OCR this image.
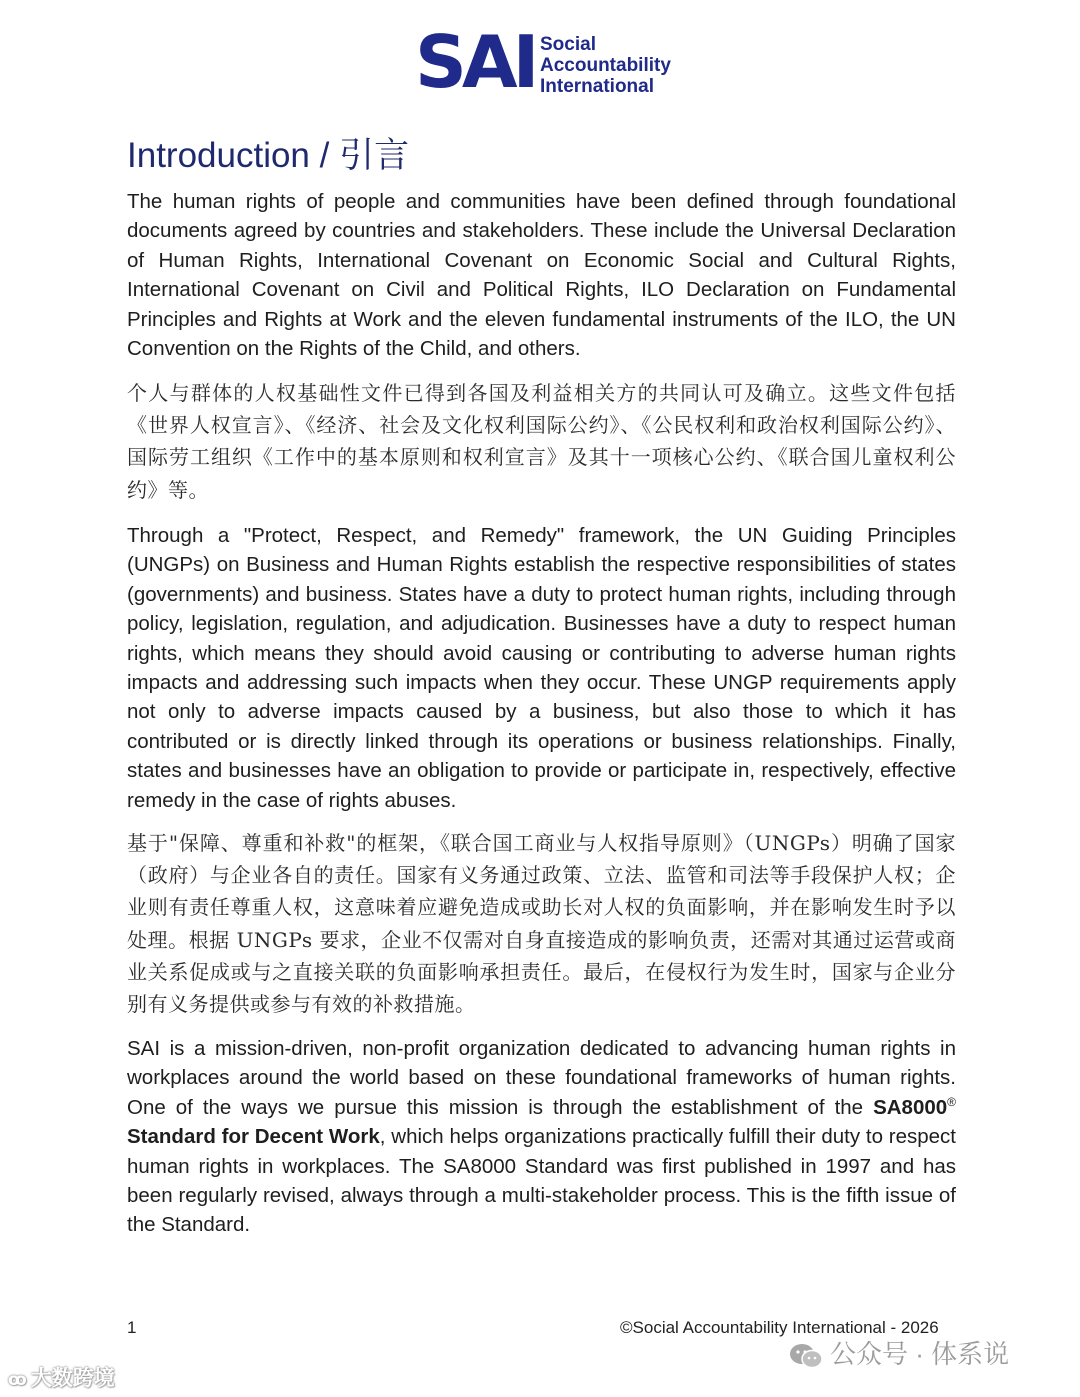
SAI Social
Accountability
International
Introduction / 引言

The human rights of people and communities have been defined through foundational documents agreed by countries and stakeholders. These include the Universal Declaration of Human Rights, International Covenant on Economic Social and Cultural Rights, International Covenant on Civil and Political Rights, ILO Declaration on Fundamental Principles and Rights at Work and the eleven fundamental instruments of the ILO, the UN Convention on the Rights of the Child, and others.

个人与群体的人权基础性文件已得到各国及利益相关方的共同认可及确立。这些文件包括《世界人权宣言》、《经济、社会及文化权利国际公约》、《公民权利和政治权利国际公约》、国际劳工组织《工作中的基本原则和权利宣言》及其十一项核心公约、《联合国儿童权利公约》等。

Through a "Protect, Respect, and Remedy" framework, the UN Guiding Principles (UNGPs) on Business and Human Rights establish the respective responsibilities of states (governments) and business. States have a duty to protect human rights, including through policy, legislation, regulation, and adjudication. Businesses have a duty to respect human rights, which means they should avoid causing or contributing to adverse human rights impacts and addressing such impacts when they occur. These UNGP requirements apply not only to adverse impacts caused by a business, but also those to which it has contributed or is directly linked through its operations or business relationships. Finally, states and businesses have an obligation to provide or participate in, respectively, effective remedy in the case of rights abuses.

基于"保障、尊重和补救"的框架，《联合国工商业与人权指导原则》（UNGPs）明确了国家（政府）与企业各自的责任。国家有义务通过政策、立法、监管和司法等手段保护人权；企业则有责任尊重人权，这意味着应避免造成或助长对人权的负面影响，并在影响发生时予以处理。根据 UNGPs 要求，企业不仅需对自身直接造成的影响负责，还需对其通过运营或商业关系促成或与之直接关联的负面影响承担责任。最后，在侵权行为发生时，国家与企业分别有义务提供或参与有效的补救措施。

SAI is a mission-driven, non-profit organization dedicated to advancing human rights in workplaces around the world based on these foundational frameworks of human rights. One of the ways we pursue this mission is through the establishment of the SA8000® Standard for Decent Work, which helps organizations practically fulfill their duty to respect human rights in workplaces. The SA8000 Standard was first published in 1997 and has been regularly revised, always through a multi-stakeholder process. This is the fifth issue of the Standard.

1	©Social Accountability International - 2026
ꝏ 大数跨境
公众号 · 体系说
